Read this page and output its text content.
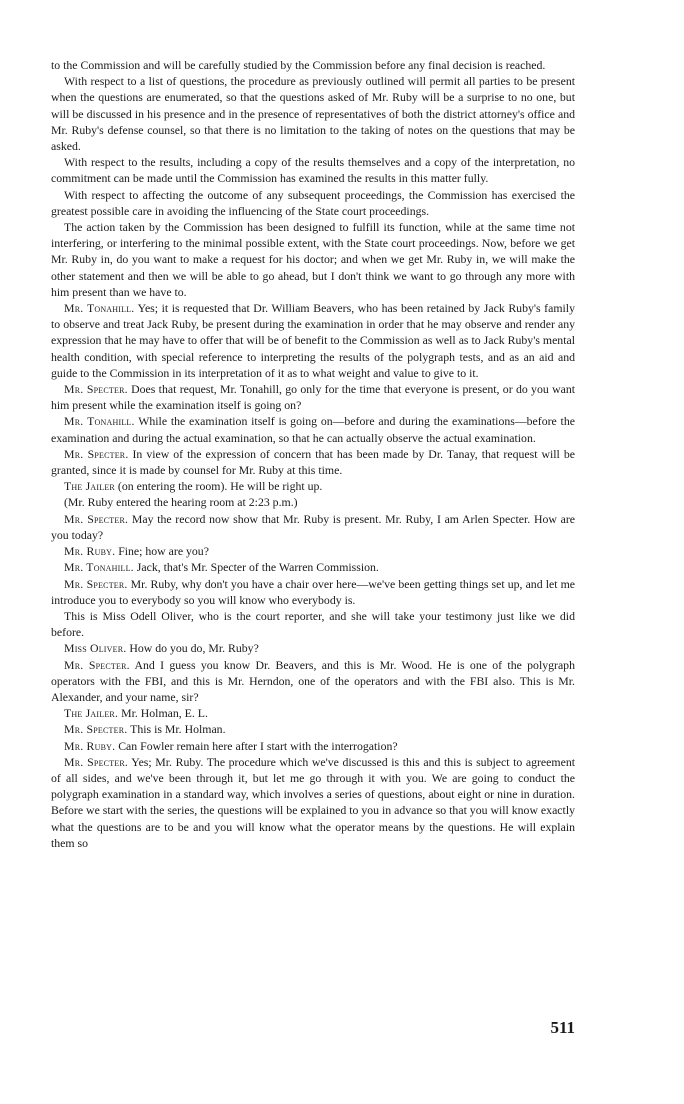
to the Commission and will be carefully studied by the Commission before any final decision is reached.

With respect to a list of questions, the procedure as previously outlined will permit all parties to be present when the questions are enumerated, so that the questions asked of Mr. Ruby will be a surprise to no one, but will be discussed in his presence and in the presence of representatives of both the district attorney's office and Mr. Ruby's defense counsel, so that there is no limitation to the taking of notes on the questions that may be asked.

With respect to the results, including a copy of the results themselves and a copy of the interpretation, no commitment can be made until the Commission has examined the results in this matter fully.

With respect to affecting the outcome of any subsequent proceedings, the Commission has exercised the greatest possible care in avoiding the influencing of the State court proceedings.

The action taken by the Commission has been designed to fulfill its function, while at the same time not interfering, or interfering to the minimal possible extent, with the State court proceedings. Now, before we get Mr. Ruby in, do you want to make a request for his doctor; and when we get Mr. Ruby in, we will make the other statement and then we will be able to go ahead, but I don't think we want to go through any more with him present than we have to.

Mr. Tonahill. Yes; it is requested that Dr. William Beavers, who has been retained by Jack Ruby's family to observe and treat Jack Ruby, be present during the examination in order that he may observe and render any expression that he may have to offer that will be of benefit to the Commission as well as to Jack Ruby's mental health condition, with special reference to interpreting the results of the polygraph tests, and as an aid and guide to the Commission in its interpretation of it as to what weight and value to give to it.

Mr. Specter. Does that request, Mr. Tonahill, go only for the time that everyone is present, or do you want him present while the examination itself is going on?

Mr. Tonahill. While the examination itself is going on—before and during the examinations—before the examination and during the actual examination, so that he can actually observe the actual examination.

Mr. Specter. In view of the expression of concern that has been made by Dr. Tanay, that request will be granted, since it is made by counsel for Mr. Ruby at this time.

The Jailer (on entering the room). He will be right up.

(Mr. Ruby entered the hearing room at 2:23 p.m.)

Mr. Specter. May the record now show that Mr. Ruby is present. Mr. Ruby, I am Arlen Specter. How are you today?

Mr. Ruby. Fine; how are you?

Mr. Tonahill. Jack, that's Mr. Specter of the Warren Commission.

Mr. Specter. Mr. Ruby, why don't you have a chair over here—we've been getting things set up, and let me introduce you to everybody so you will know who everybody is.

This is Miss Odell Oliver, who is the court reporter, and she will take your testimony just like we did before.

Miss Oliver. How do you do, Mr. Ruby?

Mr. Specter. And I guess you know Dr. Beavers, and this is Mr. Wood. He is one of the polygraph operators with the FBI, and this is Mr. Herndon, one of the operators and with the FBI also. This is Mr. Alexander, and your name, sir?

The Jailer. Mr. Holman, E. L.

Mr. Specter. This is Mr. Holman.

Mr. Ruby. Can Fowler remain here after I start with the interrogation?

Mr. Specter. Yes; Mr. Ruby. The procedure which we've discussed is this and this is subject to agreement of all sides, and we've been through it, but let me go through it with you. We are going to conduct the polygraph examination in a standard way, which involves a series of questions, about eight or nine in duration. Before we start with the series, the questions will be explained to you in advance so that you will know exactly what the questions are to be and you will know what the operator means by the questions. He will explain them so

511
